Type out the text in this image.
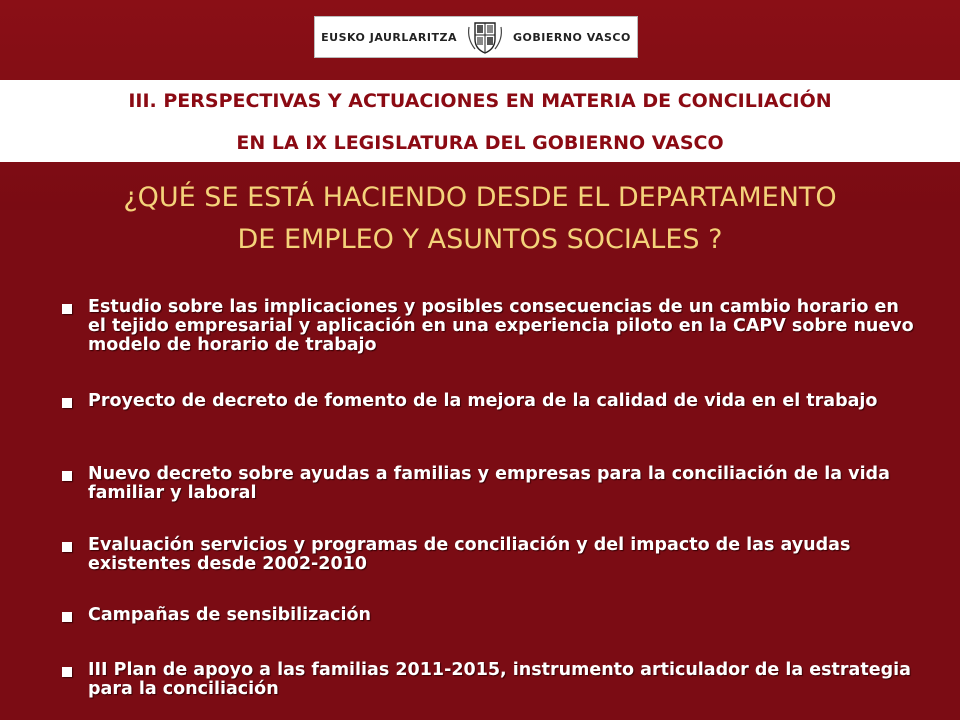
EUSKO JAURLARITZA	GOBIERNO VASCO
III. PERSPECTIVAS Y ACTUACIONES EN MATERIA DE CONCILIACIÓN
EN LA IX LEGISLATURA DEL GOBIERNO VASCO
¿QUÉ SE ESTÁ HACIENDO DESDE EL DEPARTAMENTO
DE EMPLEO Y ASUNTOS SOCIALES ?
Estudio sobre las implicaciones y posibles consecuencias de un cambio horario en el tejido empresarial y aplicación en una experiencia piloto en la CAPV sobre nuevo modelo de horario de trabajo
Proyecto de decreto de fomento de la mejora de la calidad de vida en el trabajo
Nuevo decreto sobre ayudas a familias y empresas para la conciliación de la vida familiar y laboral
Evaluación servicios y programas de conciliación y del impacto de las ayudas existentes desde 2002-2010
Campañas de sensibilización
III Plan de apoyo a las familias 2011-2015, instrumento articulador de la estrategia para la conciliación
